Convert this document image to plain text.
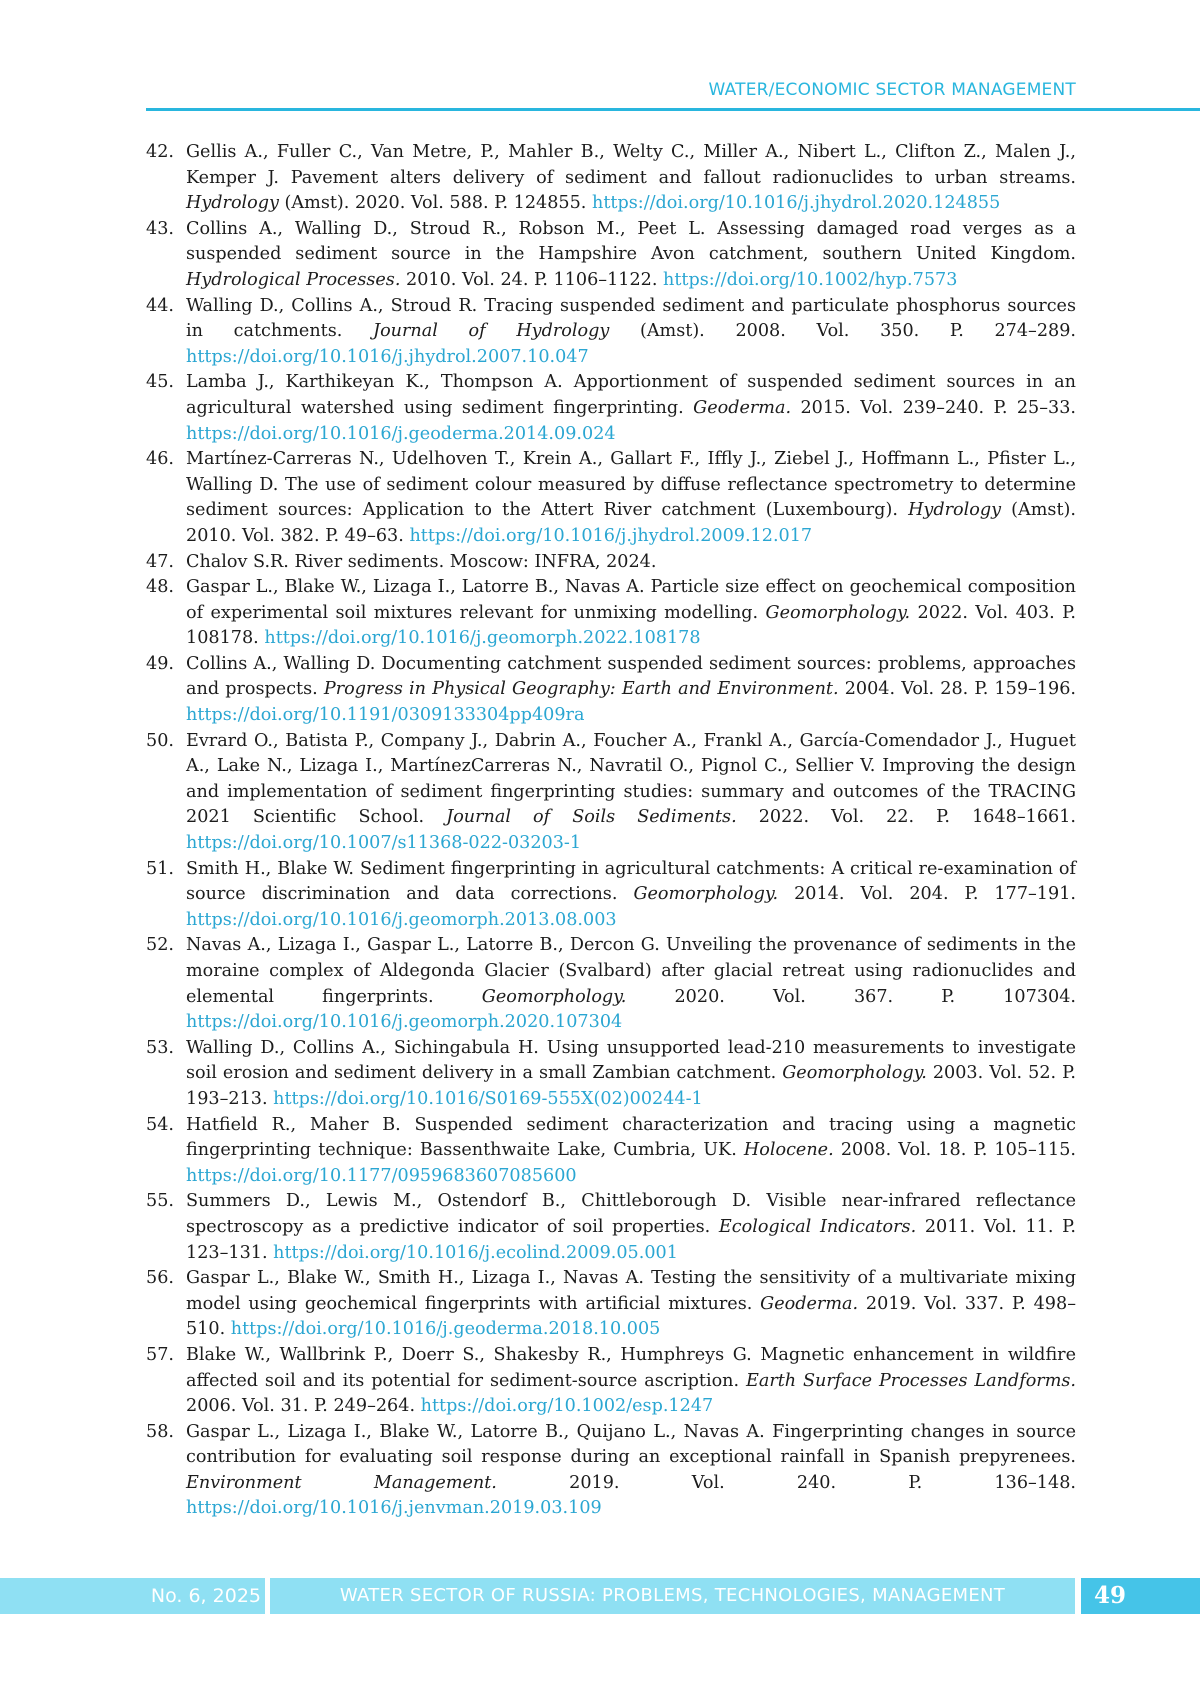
WATER/ECONOMIC SECTOR MANAGEMENT
42. Gellis A., Fuller C., Van Metre, P., Mahler B., Welty C., Miller A., Nibert L., Clifton Z., Malen J., Kemper J. Pavement alters delivery of sediment and fallout radionuclides to urban streams. Hydrology (Amst). 2020. Vol. 588. P. 124855. https://doi.org/10.1016/j.jhydrol.2020.124855
43. Collins A., Walling D., Stroud R., Robson M., Peet L. Assessing damaged road verges as a suspended sediment source in the Hampshire Avon catchment, southern United Kingdom. Hydrological Processes. 2010. Vol. 24. P. 1106–1122. https://doi.org/10.1002/hyp.7573
44. Walling D., Collins A., Stroud R. Tracing suspended sediment and particulate phosphorus sources in catchments. Journal of Hydrology (Amst). 2008. Vol. 350. P. 274–289. https://doi.org/10.1016/j.jhydrol.2007.10.047
45. Lamba J., Karthikeyan K., Thompson A. Apportionment of suspended sediment sources in an agricultural watershed using sediment fingerprinting. Geoderma. 2015. Vol. 239–240. P. 25–33. https://doi.org/10.1016/j.geoderma.2014.09.024
46. Martínez-Carreras N., Udelhoven T., Krein A., Gallart F., Iffly J., Ziebel J., Hoffmann L., Pfister L., Walling D. The use of sediment colour measured by diffuse reflectance spectrometry to determine sediment sources: Application to the Attert River catchment (Luxembourg). Hydrology (Amst). 2010. Vol. 382. P. 49–63. https://doi.org/10.1016/j.jhydrol.2009.12.017
47. Chalov S.R. River sediments. Moscow: INFRA, 2024.
48. Gaspar L., Blake W., Lizaga I., Latorre B., Navas A. Particle size effect on geochemical composition of experimental soil mixtures relevant for unmixing modelling. Geomorphology. 2022. Vol. 403. P. 108178. https://doi.org/10.1016/j.geomorph.2022.108178
49. Collins A., Walling D. Documenting catchment suspended sediment sources: problems, approaches and prospects. Progress in Physical Geography: Earth and Environment. 2004. Vol. 28. P. 159–196. https://doi.org/10.1191/0309133304pp409ra
50. Evrard O., Batista P., Company J., Dabrin A., Foucher A., Frankl A., García-Comendador J., Huguet A., Lake N., Lizaga I., MartínezCarreras N., Navratil O., Pignol C., Sellier V. Improving the design and implementation of sediment fingerprinting studies: summary and outcomes of the TRACING 2021 Scientific School. Journal of Soils Sediments. 2022. Vol. 22. P. 1648–1661. https://doi.org/10.1007/s11368-022-03203-1
51. Smith H., Blake W. Sediment fingerprinting in agricultural catchments: A critical re-examination of source discrimination and data corrections. Geomorphology. 2014. Vol. 204. P. 177–191. https://doi.org/10.1016/j.geomorph.2013.08.003
52. Navas A., Lizaga I., Gaspar L., Latorre B., Dercon G. Unveiling the provenance of sediments in the moraine complex of Aldegonda Glacier (Svalbard) after glacial retreat using radionuclides and elemental fingerprints. Geomorphology. 2020. Vol. 367. P. 107304. https://doi.org/10.1016/j.geomorph.2020.107304
53. Walling D., Collins A., Sichingabula H. Using unsupported lead-210 measurements to investigate soil erosion and sediment delivery in a small Zambian catchment. Geomorphology. 2003. Vol. 52. P. 193–213. https://doi.org/10.1016/S0169-555X(02)00244-1
54. Hatfield R., Maher B. Suspended sediment characterization and tracing using a magnetic fingerprinting technique: Bassenthwaite Lake, Cumbria, UK. Holocene. 2008. Vol. 18. P. 105–115. https://doi.org/10.1177/0959683607085600
55. Summers D., Lewis M., Ostendorf B., Chittleborough D. Visible near-infrared reflectance spectroscopy as a predictive indicator of soil properties. Ecological Indicators. 2011. Vol. 11. P. 123–131. https://doi.org/10.1016/j.ecolind.2009.05.001
56. Gaspar L., Blake W., Smith H., Lizaga I., Navas A. Testing the sensitivity of a multivariate mixing model using geochemical fingerprints with artificial mixtures. Geoderma. 2019. Vol. 337. P. 498–510. https://doi.org/10.1016/j.geoderma.2018.10.005
57. Blake W., Wallbrink P., Doerr S., Shakesby R., Humphreys G. Magnetic enhancement in wildfire affected soil and its potential for sediment-source ascription. Earth Surface Processes Landforms. 2006. Vol. 31. P. 249–264. https://doi.org/10.1002/esp.1247
58. Gaspar L., Lizaga I., Blake W., Latorre B., Quijano L., Navas A. Fingerprinting changes in source contribution for evaluating soil response during an exceptional rainfall in Spanish prepyrenees. Environment Management. 2019. Vol. 240. P. 136–148. https://doi.org/10.1016/j.jenvman.2019.03.109
No. 6, 2025	WATER SECTOR OF RUSSIA: PROBLEMS, TECHNOLOGIES, MANAGEMENT	49
